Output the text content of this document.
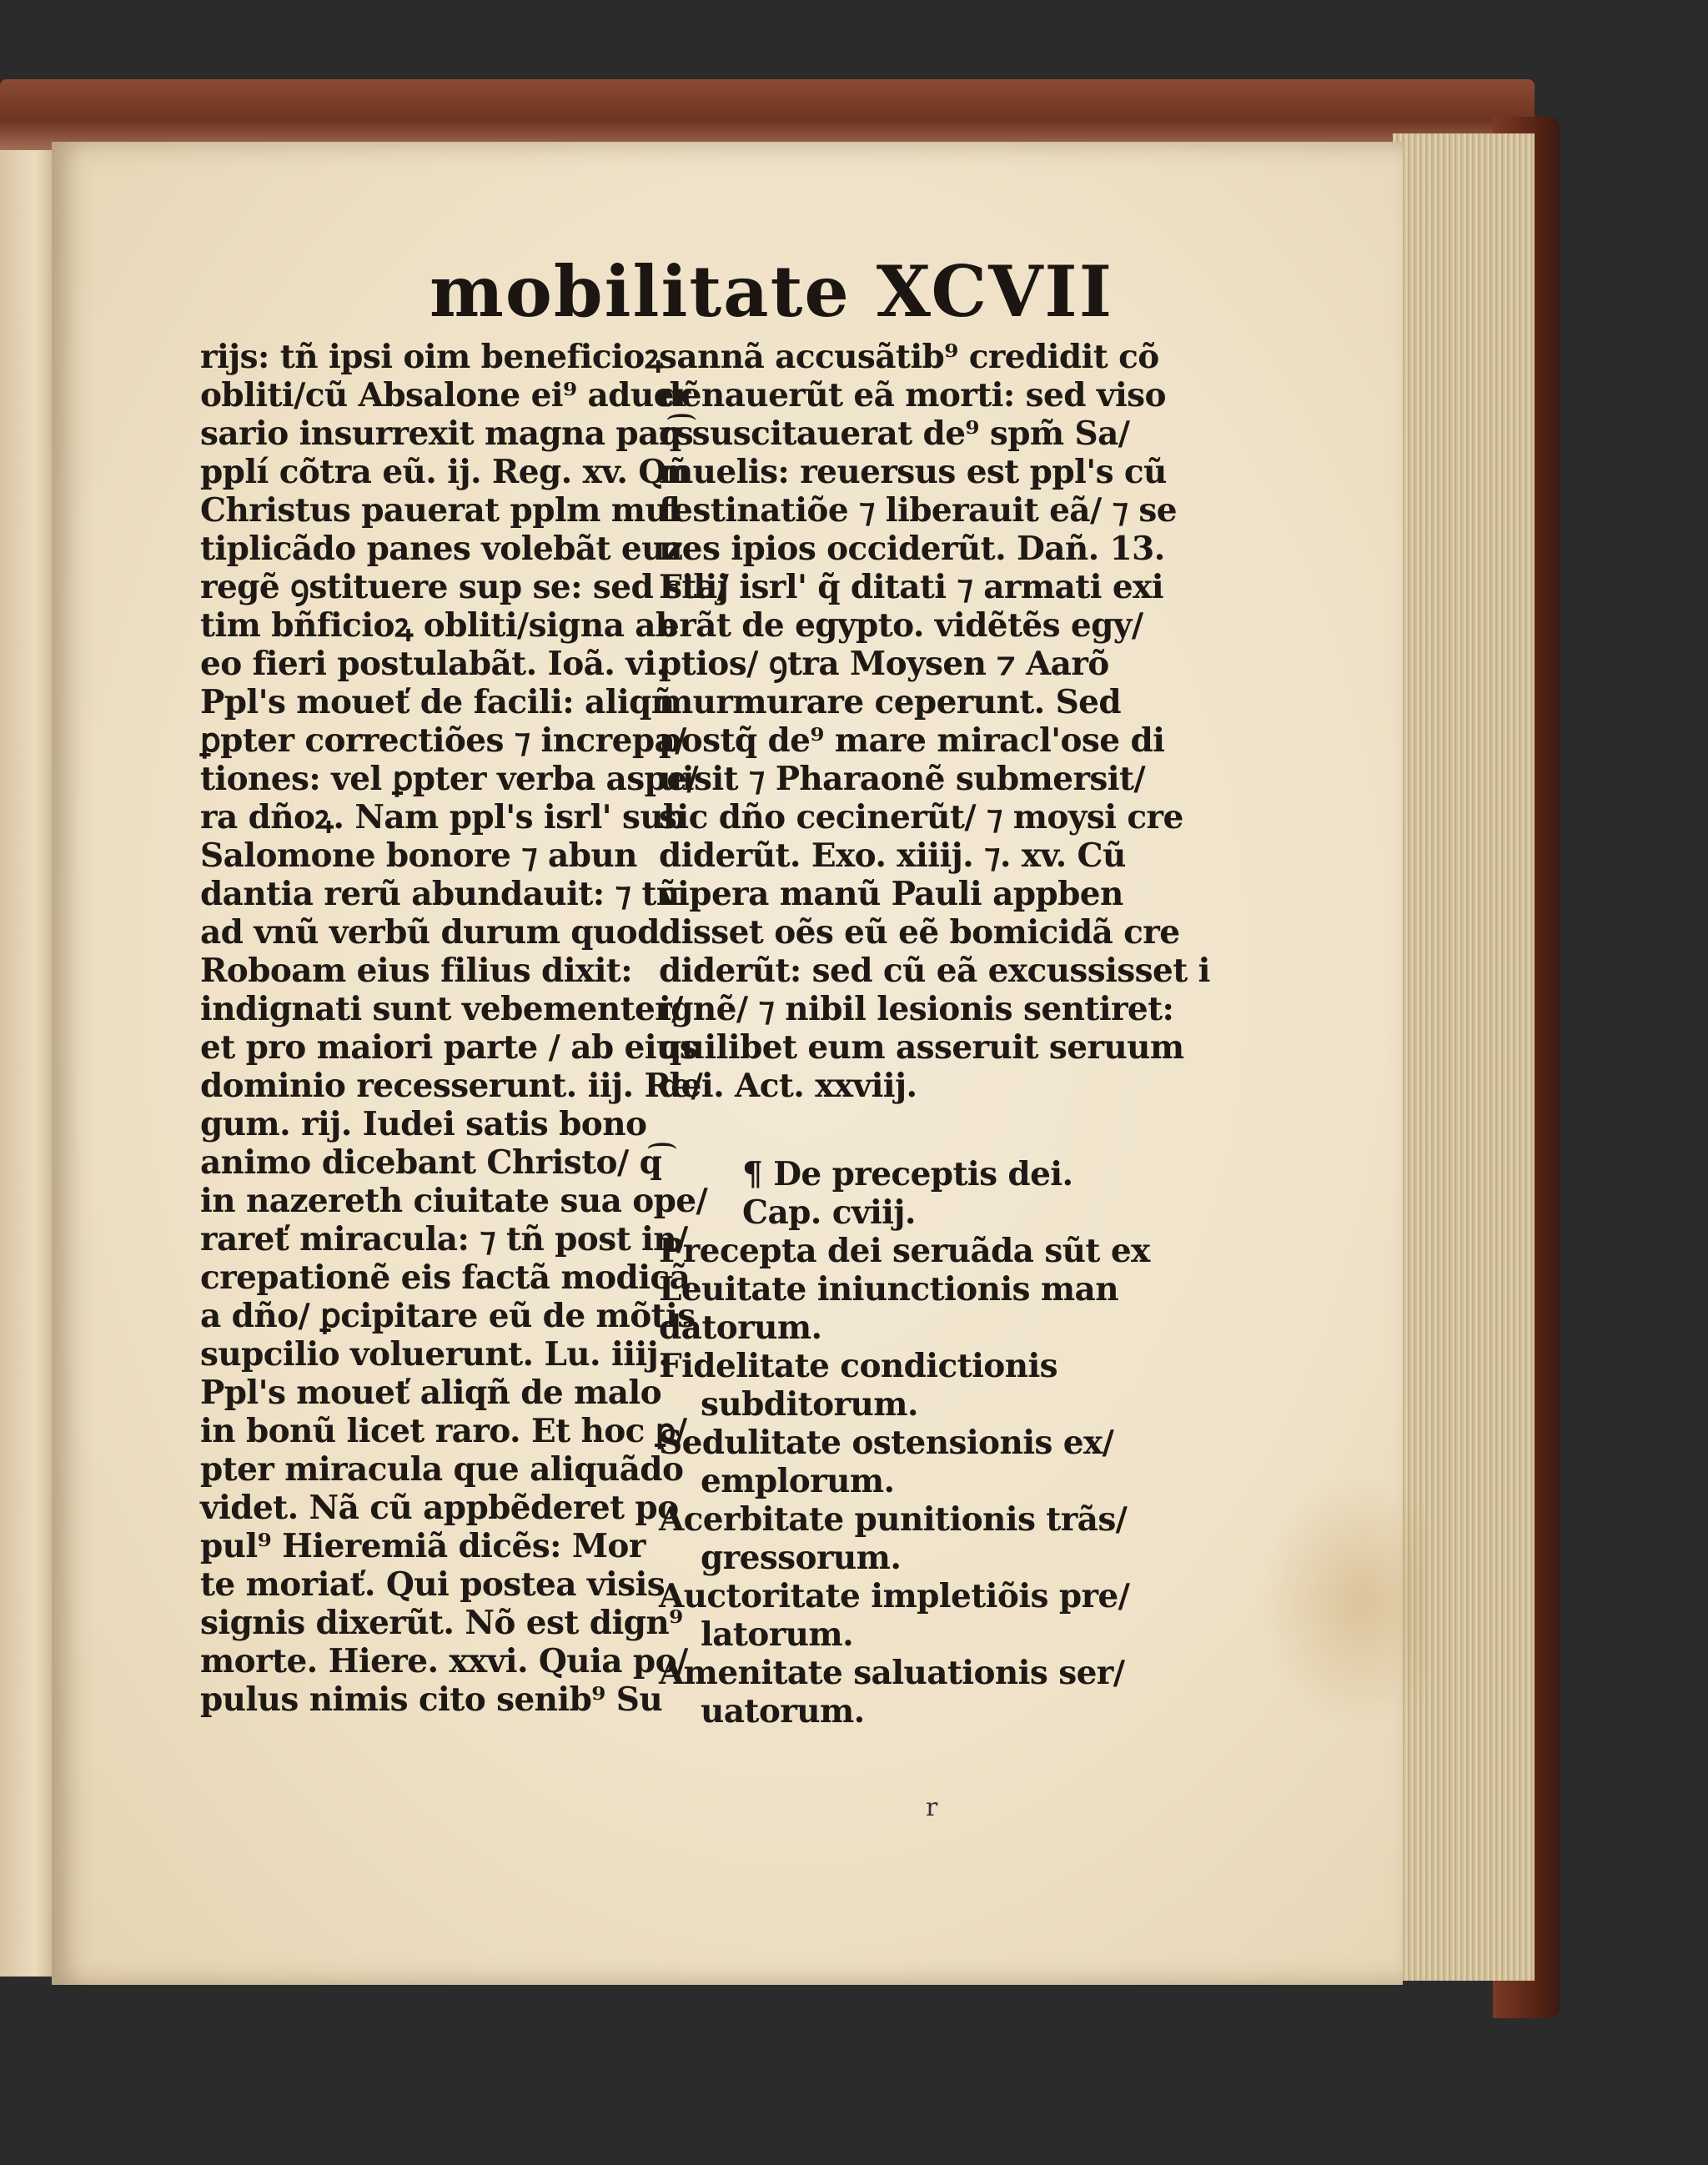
mobilitate XCVII
rijs: tñ ipsi oim beneficioꝝ
obliti/cũ Absalone ei⁹ aduer
sario insurrexit magna pars
pplí cõtra eũ. ij. Reg. xv. Qñ
Christus pauerat pplm mul
tiplicãdo panes volebãt euz
regẽ ꝯstituere sup se: sed sta/
tim bñficioꝝ obliti/signa ab
eo fieri postulabãt. Ioã. vi.
Ppl's moueť de facili: aliqñ
ꝑpter correctiões ⁊ increpa/
tiones: vel ꝑpter verba aspe/
ra dñoꝝ. Nam ppl's isrl' sub
Salomone bonore ⁊ abun
dantia rerũ abundauit: ⁊ tñ
ad vnũ verbũ durum quod
Roboam eius filius dixit:
indignati sunt vebementer/
et pro maiori parte / ab eius
dominio recesserunt. iij. Re/
gum. rij. Iudei satis bono
animo dicebant Christo/ q͡
in nazereth ciuitate sua ope/
rareť miracula: ⁊ tñ post in/
crepationẽ eis factã modicã
a dño/ ꝑcipitare eũ de mõtis
supcilio voluerunt. Lu. iiij.
Ppl's moueť aliqñ de malo
in bonũ licet raro. Et hoc ꝑ/
pter miracula que aliquãdo
videt. Nã cũ appbẽderet po
pul⁹ Hieremiã dicẽs: Mor
te moriať. Qui postea visis
signis dixerũt. Nõ est dign⁹
morte. Hiere. xxvi. Quia po/
pulus nimis cito senib⁹ Su
sannã accusãtib⁹ credidit cõ
dẽnauerũt eã morti: sed viso
q͡ suscitauerat de⁹ spm̃ Sa/
muelis: reuersus est ppl's cũ
festinatiõe ⁊ liberauit eã/ ⁊ se
nes ipios occiderũt. Dañ. 13.
Filij isrl' q̃ ditati ⁊ armati exi
erãt de egypto. vidẽtẽs egy/
ptios/ ꝯtra Moysen ⁊ Aarõ
murmurare ceperunt. Sed
postq̃ de⁹ mare miracl'ose di
uisit ⁊ Pharaonẽ submersit/
sic dño cecinerũt/ ⁊ moysi cre
diderũt. Exo. xiiij. ⁊. xv. Cũ
vipera manũ Pauli appben
disset oẽs eũ eẽ bomicidã cre
diderũt: sed cũ eã excussisset i
ignẽ/ ⁊ nibil lesionis sentiret:
quilibet eum asseruit seruum
dei. Act. xxviij.
¶ De preceptis dei.
Cap. cviij.
Precepta dei seruãda sũt ex
Leuitate iniunctionis man
datorum.
Fidelitate condictionis
subditorum.
Sedulitate ostensionis ex/
emplorum.
Acerbitate punitionis trãs/
gressorum.
Auctoritate impletiõis pre/
latorum.
Amenitate saluationis ser/
uatorum.
r
